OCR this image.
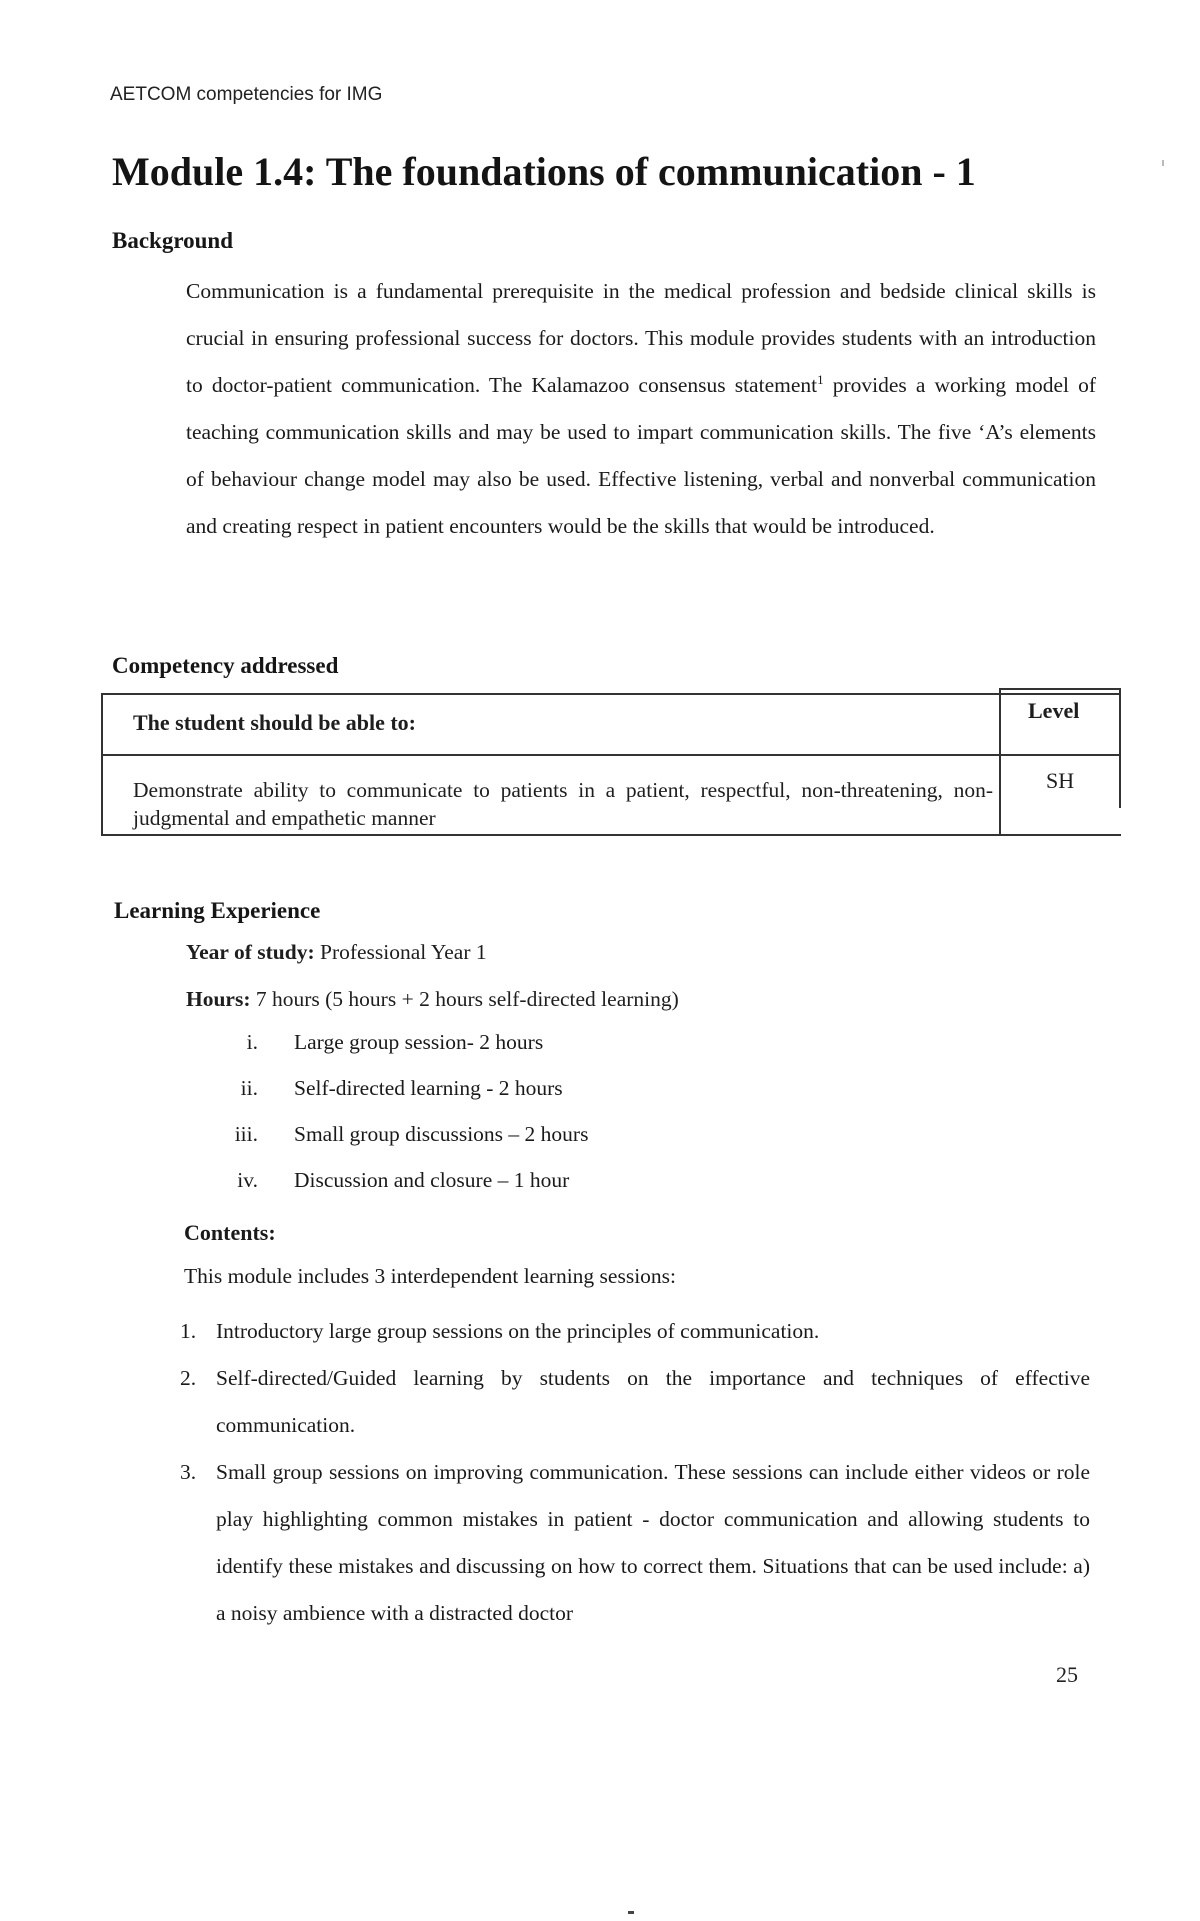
AETCOM competencies for IMG
Module 1.4: The foundations of communication - 1
Background

Communication is a fundamental prerequisite in the medical profession and bedside clinical skills is crucial in ensuring professional success for doctors. This module provides students with an introduction to doctor-patient communication. The Kalamazoo consensus statement$^1$ provides a working model of teaching communication skills and may be used to impart communication skills. The five ‘A’s elements of behaviour change model may also be used. Effective listening, verbal and nonverbal communication and creating respect in patient encounters would be the skills that would be introduced.

Competency addressed
The student should be able to:	Level
Demonstrate ability to communicate to patients in a patient, respectful, non-threatening, non- judgmental and empathetic manner
SH
Learning Experience
Year of study: Professional Year 1
Hours: 7 hours (5 hours + 2 hours self-directed learning)
i. Large group session- 2 hours
ii. Self-directed learning - 2 hours
iii. Small group discussions – 2 hours
iv. Discussion and closure – 1 hour
Contents:
This module includes 3 interdependent learning sessions:
1. Introductory large group sessions on the principles of communication.
2. Self-directed/Guided learning by students on the importance and techniques of effective communication.
3. Small group sessions on improving communication. These sessions can include either videos or role play highlighting common mistakes in patient - doctor communication and allowing students to identify these mistakes and discussing on how to correct them. Situations that can be used include: a) a noisy ambience with a distracted doctor
25
